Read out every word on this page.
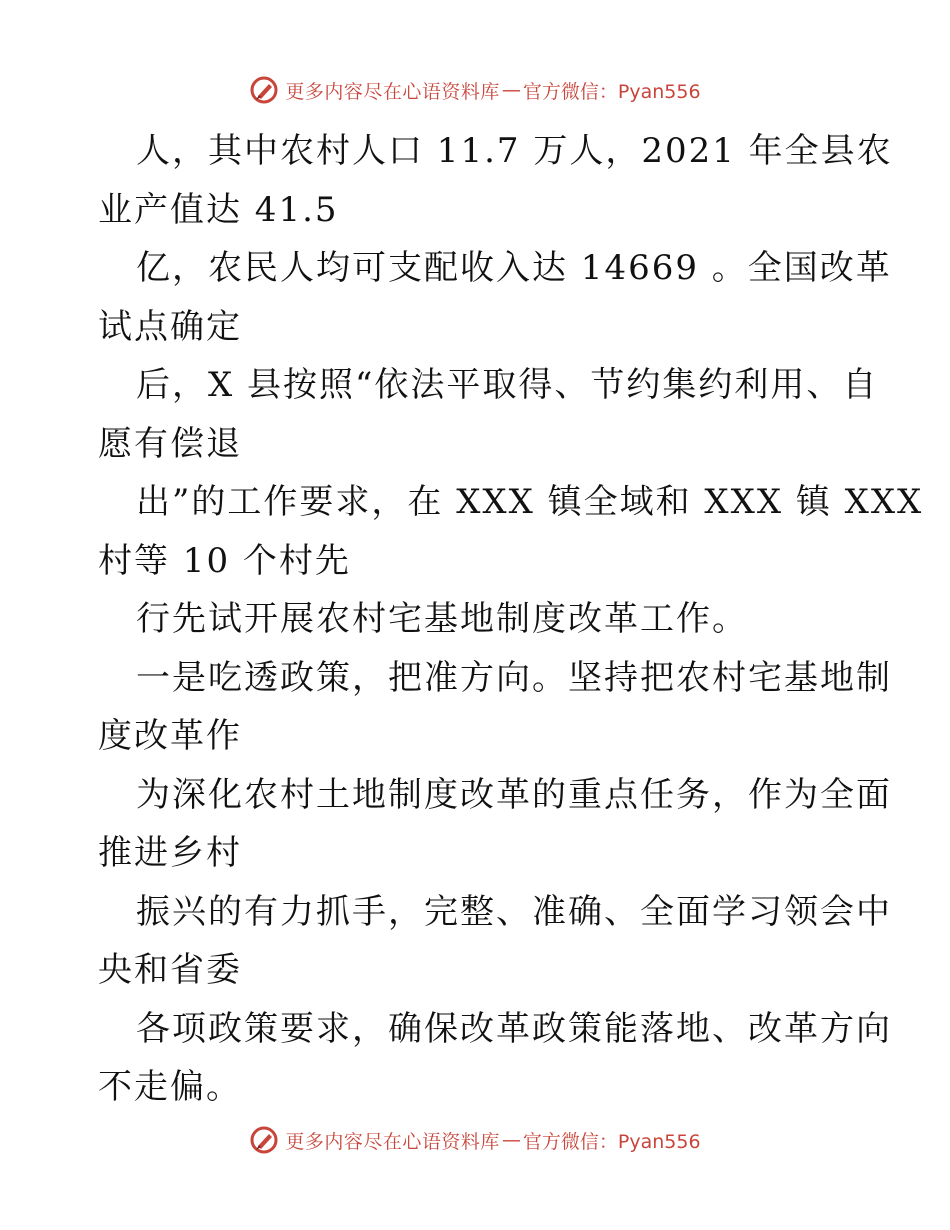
更多内容尽在心语资料库 — 官方微信：Pyan556
人，其中农村人口 11.7 万人，2021 年全县农
业产值达 41.5
亿，农民人均可支配收入达 14669 。全国改革
试点确定
后，X 县按照“依法平取得、节约集约利用、自
愿有偿退
出”的工作要求，在 XXX 镇全域和 XXX 镇 XXX
村等 10 个村先
行先试开展农村宅基地制度改革工作。
一是吃透政策，把准方向。坚持把农村宅基地制
度改革作
为深化农村土地制度改革的重点任务，作为全面
推进乡村
振兴的有力抓手，完整、准确、全面学习领会中
央和省委
各项政策要求，确保改革政策能落地、改革方向
不走偏。
更多内容尽在心语资料库 — 官方微信：Pyan556
